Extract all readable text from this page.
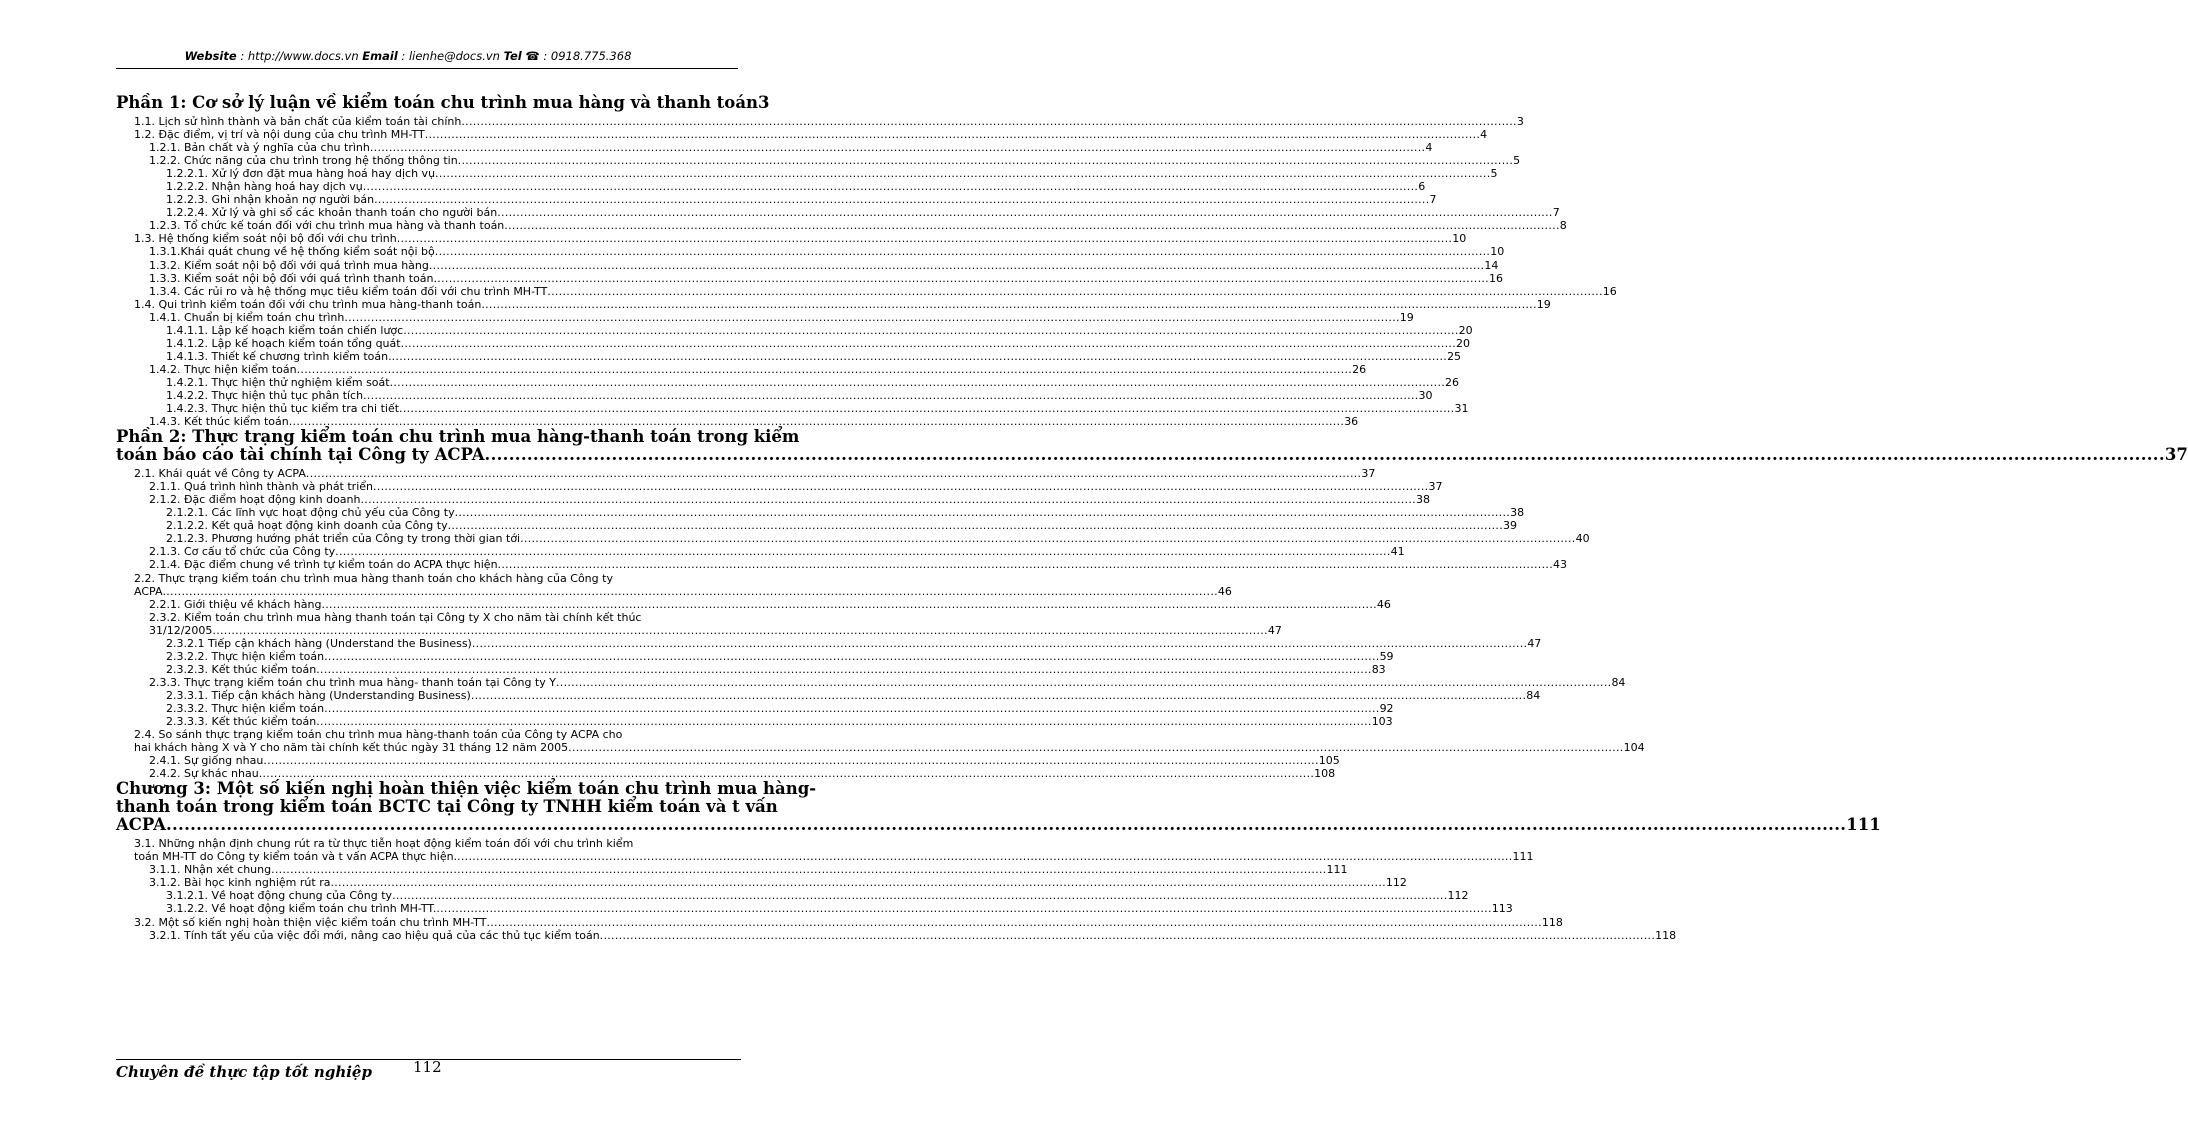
Website : http://www.docs.vn Email : lienhe@docs.vn Tel ☎ : 0918.775.368
Phần 1: Cơ sở lý luận về kiểm toán chu trình mua hàng và thanh toán 3
1.1. Lịch sử hình thành và bản chất của kiểm toán tài chính .....	3
1.2. Đặc điểm, vị trí và nội dung của chu trình MH-TT .....	4
1.2.1. Bản chất và ý nghĩa của chu trình .....	4
1.2.2. Chức năng của chu trình trong hệ thống thông tin .....	5
1.2.2.1. Xử lý đơn đặt mua hàng hoá hay dịch vụ .....	5
1.2.2.2. Nhận hàng hoá hay dịch vụ .....	6
1.2.2.3. Ghi nhận khoản nợ người bán .....	7
1.2.2.4. Xử lý và ghi sổ các khoản thanh toán cho người bán .....	7
1.2.3. Tổ chức kế toán đối với chu trình mua hàng và thanh toán .....	8
1.3. Hệ thống kiểm soát nội bộ đối với chu trình .....	10
1.3.1.Khái quát chung về hệ thống kiểm soát nội bộ .....	10
1.3.2. Kiểm soát nội bộ đối với quá trình mua hàng .....	14
1.3.3. Kiểm soát nội bộ đối với quá trình thanh toán .....	16
1.3.4. Các rủi ro và hệ thống mục tiêu kiểm toán đối với chu trình MH-TT .....	16
1.4. Qui trình kiểm toán đối với chu trình mua hàng-thanh toán .....	19
1.4.1. Chuẩn bị kiểm toán chu trình .....	19
1.4.1.1. Lập kế hoạch kiểm toán chiến lược .....	20
1.4.1.2. Lập kế hoạch kiểm toán tổng quát .....	20
1.4.1.3. Thiết kế chương trình kiểm toán. .....	25
1.4.2. Thực hiện kiểm toán .....	26
1.4.2.1. Thực hiện thử nghiệm kiểm soát .....	26
1.4.2.2. Thực hiện thủ tục phân tích .....	30
1.4.2.3. Thực hiện thủ tục kiểm tra chi tiết .....	31
1.4.3. Kết thúc kiểm toán .....	36
Phần 2: Thực trạng kiểm toán chu trình mua hàng-thanh toán trong kiểm
toán báo cáo tài chính tại Công ty ACPA .....	37
2.1. Khái quát về Công ty ACPA .....	37
2.1.1. Quá trình hình thành và phát triển .....	37
2.1.2. Đặc điểm hoạt động kinh doanh .....	38
2.1.2.1. Các lĩnh vực hoạt động chủ yếu của Công ty .....	38
2.1.2.2. Kết quả hoạt động kinh doanh của Công ty .....	39
2.1.2.3. Phương hướng phát triển của Công ty trong thời gian tới .....	40
2.1.3. Cơ cấu tổ chức của Công ty .....	41
2.1.4. Đặc điểm chung về trình tự kiểm toán do ACPA thực hiện .....	43
2.2. Thực trạng kiểm toán chu trình mua hàng thanh toán cho khách hàng của Công ty
ACPA .....	46
2.2.1. Giới thiệu về khách hàng .....	46
2.3.2. Kiểm toán chu trình mua hàng thanh toán tại Công ty X cho năm tài chính kết thúc
31/12/2005 .....	47
2.3.2.1 Tiếp cận khách hàng (Understand the Business) .....	47
2.3.2.2. Thực hiện kiểm toán .....	59
2.3.2.3. Kết thúc kiểm toán .....	83
2.3.3. Thực trạng kiểm toán chu trình mua hàng- thanh toán tại Công ty Y .....	84
2.3.3.1. Tiếp cận khách hàng (Understanding Business) .....	84
2.3.3.2. Thực hiện kiểm toán .....	92
2.3.3.3. Kết thúc kiểm toán .....	103
2.4. So sánh thực trạng kiểm toán chu trình mua hàng-thanh toán của Công ty ACPA cho
hai khách hàng X và Y cho năm tài chính kết thúc ngày 31 tháng 12 năm 2005 .....	104
2.4.1. Sự giống nhau .....	105
2.4.2. Sự khác nhau .....	108
Chương 3: Một số kiến nghị hoàn thiện việc kiểm toán chu trình mua hàng-
thanh toán trong kiểm toán BCTC tại Công ty TNHH kiểm toán và t vấn
ACPA .....	111
3.1. Những nhận định chung rút ra từ thực tiễn hoạt động kiểm toán đối với chu trình kiểm
toán MH-TT do Công ty kiểm toán và t vấn ACPA thực hiện. .....	111
3.1.1. Nhận xét chung .....	111
3.1.2. Bài học kinh nghiệm rút ra .....	112
3.1.2.1. Về hoạt động chung của Công ty .....	112
3.1.2.2. Về hoạt động kiểm toán chu trình MH-TT. .....	113
3.2. Một số kiến nghị hoàn thiện việc kiểm toán chu trình MH-TT .....	118
3.2.1. Tính tất yếu của việc đổi mới, nâng cao hiệu quả của các thủ tục kiểm toán .....	118
Chuyên đề thực tập tốt nghiệp	112
